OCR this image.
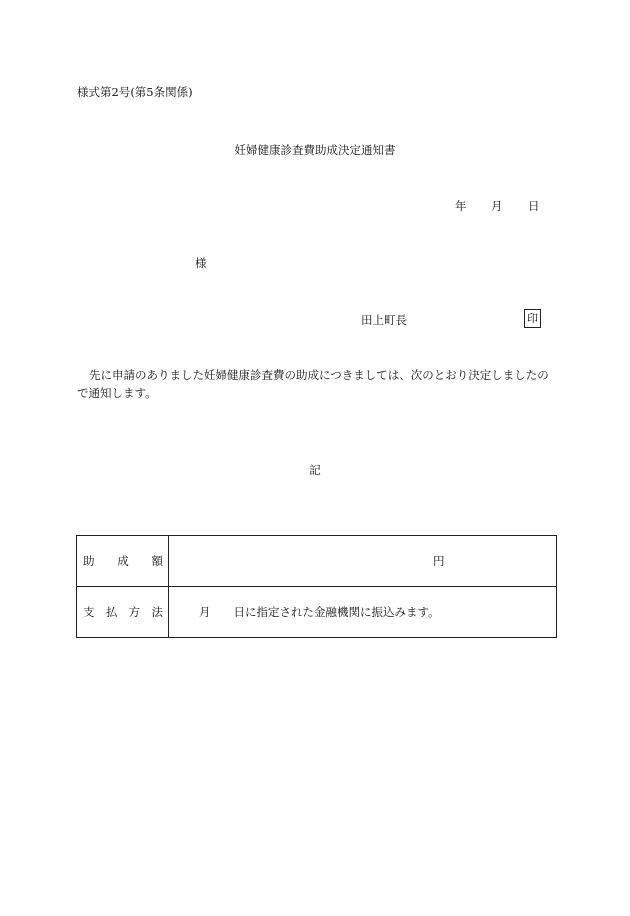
様式第2号(第5条関係)
妊婦健康診査費助成決定通知書
年 月 日
様
田上町長	印
先に申請のありました妊婦健康診査費の助成につきましては、次のとおり決定しましたので通知します。
記
助成額	円
支払方法	月　　日に指定された金融機関に振込みます。
